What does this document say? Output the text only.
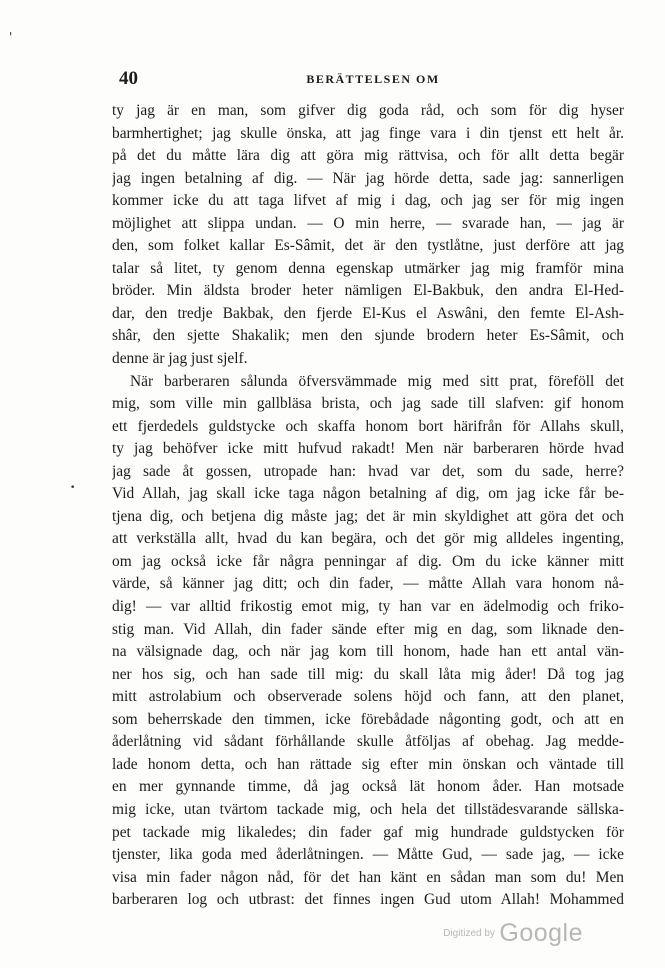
'
•
40	BERÄTTELSEN OM
ty jag är en man, som gifver dig goda råd, och som för dig hyser
barmhertighet; jag skulle önska, att jag finge vara i din tjenst ett helt år.
på det du måtte lära dig att göra mig rättvisa, och för allt detta begär
jag ingen betalning af dig. — När jag hörde detta, sade jag: sannerligen
kommer icke du att taga lifvet af mig i dag, och jag ser för mig ingen
möjlighet att slippa undan. — O min herre, — svarade han, — jag är
den, som folket kallar Es-Sâmit, det är den tystlåtne, just derföre att jag
talar så litet, ty genom denna egenskap utmärker jag mig framför mina
bröder. Min äldsta broder heter nämligen El-Bakbuk, den andra El-Hed-
dar, den tredje Bakbak, den fjerde El-Kus el Aswâni, den femte El-Ash-
shâr, den sjette Shakalik; men den sjunde brodern heter Es-Sâmit, och
denne är jag just sjelf.
När barberaren sålunda öfversvämmade mig med sitt prat, föreföll det
mig, som ville min gallbläsa brista, och jag sade till slafven: gif honom
ett fjerdedels guldstycke och skaffa honom bort härifrån för Allahs skull,
ty jag behöfver icke mitt hufvud rakadt! Men när barberaren hörde hvad
jag sade åt gossen, utropade han: hvad var det, som du sade, herre?
Vid Allah, jag skall icke taga någon betalning af dig, om jag icke får be-
tjena dig, och betjena dig måste jag; det är min skyldighet att göra det och
att verkställa allt, hvad du kan begära, och det gör mig alldeles ingenting,
om jag också icke får några penningar af dig. Om du icke känner mitt
värde, så känner jag ditt; och din fader, — måtte Allah vara honom nå-
dig! — var alltid frikostig emot mig, ty han var en ädelmodig och friko-
stig man. Vid Allah, din fader sände efter mig en dag, som liknade den-
na välsignade dag, och när jag kom till honom, hade han ett antal vän-
ner hos sig, och han sade till mig: du skall låta mig åder! Då tog jag
mitt astrolabium och observerade solens höjd och fann, att den planet,
som beherrskade den timmen, icke förebådade någonting godt, och att en
åderlåtning vid sådant förhållande skulle åtföljas af obehag. Jag medde-
lade honom detta, och han rättade sig efter min önskan och väntade till
en mer gynnande timme, då jag också lät honom åder. Han motsade
mig icke, utan tvärtom tackade mig, och hela det tillstädesvarande sällska-
pet tackade mig likaledes; din fader gaf mig hundrade guldstycken för
tjenster, lika goda med åderlåtningen. — Måtte Gud, — sade jag, — icke
visa min fader någon nåd, för det han känt en sådan man som du! Men
barberaren log och utbrast: det finnes ingen Gud utom Allah! Mohammed
Digitized by Google
